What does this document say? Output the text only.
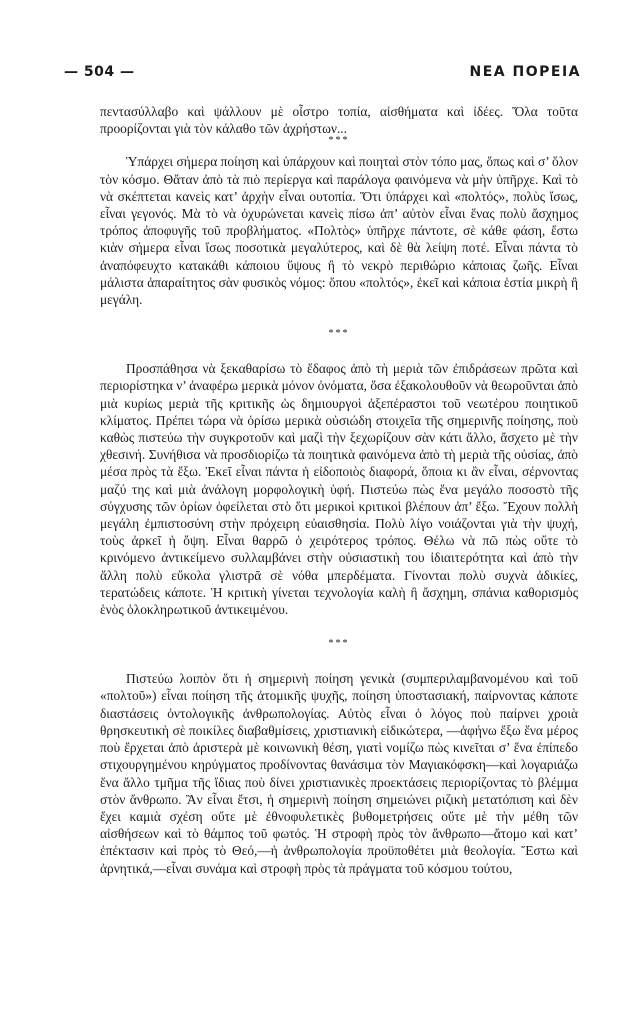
— 504 —	ΝΕΑ ΠΟΡΕΙΑ

πεντασύλλαβο καὶ ψάλλουν μὲ οἶστρο τοπία, αἰσθήματα καὶ ἰδέες. Ὅλα τοῦτα προορίζονται γιὰ τὸν κάλαθο τῶν ἀχρήστων...

***

Ὑπάρχει σήμερα ποίηση καὶ ὑπάρχουν καὶ ποιηταὶ στὸν τόπο μας, ὅπως καὶ σ’ ὅλον τὸν κόσμο. Θἄταν ἀπὸ τὰ πιὸ περίεργα καὶ παράλογα φαινόμενα νὰ μὴν ὑπῆρχε. Καὶ τὸ νὰ σκέπτεται κανεὶς κατ’ ἀρχὴν εἶναι ουτοπία. Ὅτι ὑπάρχει καὶ «πολτός», πολὺς ἴσως, εἶναι γεγονός. Μὰ τὸ νὰ ὀχυρώνεται κανεὶς πίσω ἀπ’ αὐτὸν εἶναι ἕνας πολὺ ἄσχημος τρόπος ἀποφυγῆς τοῦ προβλήματος. «Πολτὸς» ὑπῆρχε πάντοτε, σὲ κάθε φάση, ἔστω κιὰν σήμερα εἶναι ἴσως ποσοτικὰ μεγαλύτερος, καὶ δὲ θὰ λείψη ποτέ. Εἶναι πάντα τὸ ἀναπόφευχτο κατακάθι κάποιου ὕψους ἢ τὸ νεκρὸ περιθώριο κάποιας ζωῆς. Εἶναι μάλιστα ἀπαραίτητος σὰν φυσικὸς νόμος: ὅπου «πολτός», ἐκεῖ καὶ κάποια ἑστία μικρὴ ἢ μεγάλη.

***

Προσπάθησα νὰ ξεκαθαρίσω τὸ ἔδαφος ἀπὸ τὴ μεριὰ τῶν ἐπιδράσεων πρῶτα καὶ περιορίστηκα ν’ ἀναφέρω μερικὰ μόνον ὀνόματα, ὅσα ἐξακολουθοῦν νὰ θεωροῦνται ἀπὸ μιὰ κυρίως μεριὰ τῆς κριτικῆς ὡς δημιουργοὶ ἀξεπέραστοι τοῦ νεωτέρου ποιητικοῦ κλίματος. Πρέπει τώρα νὰ ὁρίσω μερικὰ οὐσιώδη στοιχεῖα τῆς σημερινῆς ποίησης, ποὺ καθὼς πιστεύω τὴν συγκροτοῦν καὶ μαζὶ τὴν ξεχωρίζουν σὰν κάτι ἄλλο, ἄσχετο μὲ τὴν χθεσινή. Συνήθισα νὰ προσδιορίζω τὰ ποιητικὰ φαινόμενα ἀπὸ τὴ μεριὰ τῆς οὐσίας, ἀπὸ μέσα πρὸς τὰ ἔξω. Ἐκεῖ εἶναι πάντα ἡ εἰδοποιὸς διαφορά, ὅποια κι ἂν εἶναι, σέρνοντας μαζύ της καὶ μιὰ ἀνάλογη μορφολογικὴ ὑφή. Πιστεύω πὼς ἕνα μεγάλο ποσοστὸ τῆς σύγχυσης τῶν ὁρίων ὀφείλεται στὸ ὅτι μερικοὶ κριτικοὶ βλέπουν ἀπ’ ἔξω. Ἔχουν πολλὴ μεγάλη ἐμπιστοσύνη στὴν πρόχειρη εὐαισθησία. Πολὺ λίγο νοιάζονται γιὰ τὴν ψυχή, τοὺς ἀρκεῖ ἡ ὄψη. Εἶναι θαρρῶ ὁ χειρότερος τρόπος. Θέλω νὰ πῶ πὼς οὔτε τὸ κρινόμενο ἀντικείμενο συλλαμβάνει στὴν οὐσιαστικὴ του ἰδιαιτερότητα καὶ ἀπὸ τὴν ἄλλη πολὺ εὔκολα γλιστρᾶ σὲ νόθα μπερδέματα. Γίνονται πολὺ συχνὰ ἀδικίες, τερατώδεις κάποτε. Ἡ κριτικὴ γίνεται τεχνολογία καλὴ ἢ ἄσχημη, σπάνια καθορισμὸς ἑνὸς ὁλοκληρωτικοῦ ἀντικειμένου.

***

Πιστεύω λοιπὸν ὅτι ἡ σημερινὴ ποίηση γενικὰ (συμπεριλαμβανομένου καὶ τοῦ «πολτοῦ») εἶναι ποίηση τῆς ἀτομικῆς ψυχῆς, ποίηση ὑποστασιακή, παίρνοντας κάποτε διαστάσεις ὀντολογικῆς ἀνθρωπολογίας. Αὐτὸς εἶναι ὁ λόγος ποὺ παίρνει χροιὰ θρησκευτικὴ σὲ ποικίλες διαβαθμίσεις, χριστιανικὴ εἰδικώτερα, —ἀφήνω ἔξω ἕνα μέρος ποὺ ἔρχεται ἀπὸ ἀριστερὰ μὲ κοινωνικὴ θέση, γιατὶ νομίζω πὼς κινεῖται σ’ ἕνα ἐπίπεδο στιχουργημένου κηρύγματος προδίνοντας θανάσιμα τὸν Μαγιακόφσκη—καὶ λογαριάζω ἕνα ἄλλο τμῆμα τῆς ἴδιας ποὺ δίνει χριστιανικὲς προεκτάσεις περιορίζοντας τὸ βλέμμα στὸν ἄνθρωπο. Ἂν εἶναι ἔτσι, ἡ σημερινὴ ποίηση σημειώνει ριζικὴ μετατόπιση καὶ δὲν ἔχει καμιὰ σχέση οὔτε μὲ ἐθνοφυλετικὲς βυθομετρήσεις οὔτε μὲ τὴν μέθη τῶν αἰσθήσεων καὶ τὸ θάμπος τοῦ φωτός. Ἡ στροφὴ πρὸς τὸν ἄνθρωπο—ἄτομο καὶ κατ’ ἐπέκτασιν καὶ πρὸς τὸ Θεό,—ἡ ἀνθρωπολογία προϋποθέτει μιὰ θεολογία. Ἔστω καὶ ἀρνητικά,—εἶναι συνάμα καὶ στροφὴ πρὸς τὰ πράγματα τοῦ κόσμου τούτου,
